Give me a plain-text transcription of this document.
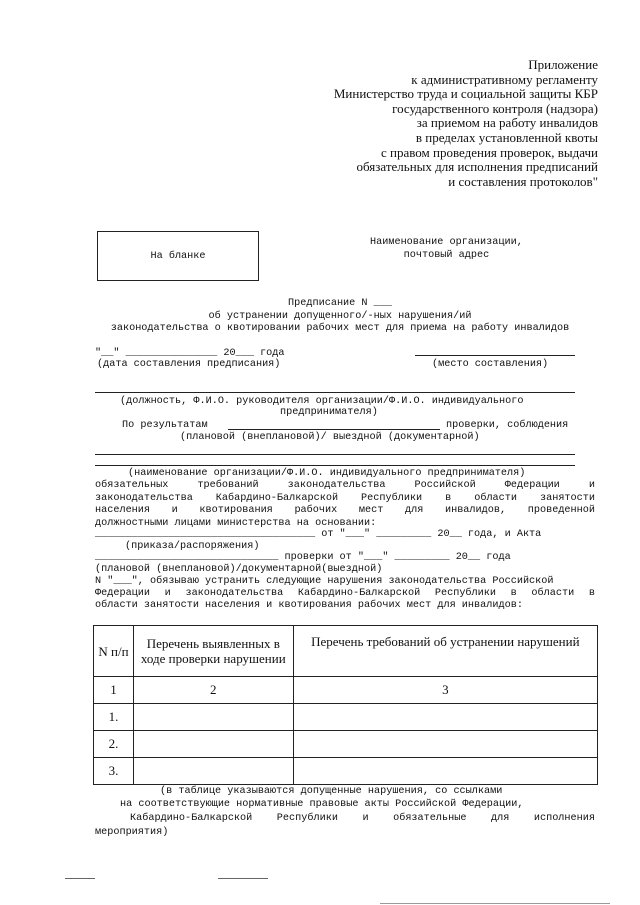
Приложение
к административному регламенту
Министерство труда и социальной защиты КБР
государственного контроля (надзора)
за приемом на работу инвалидов
в пределах установленной квоты
с правом проведения проверок, выдачи
обязательных для исполнения предписаний
и составления протоколов"
На бланке
Наименование организации,
почтовый адрес
Предписание N ___
об устранении допущенного/-ных нарушения/ий
законодательства о квотировании рабочих мест для приема на работу инвалидов
"__" _______________ 20___ года
(дата составления предписания)	(место составления)
(должность, Ф.И.О. руководителя организации/Ф.И.О. индивидуального
предпринимателя)
По результатам	проверки, соблюдения
(плановой (внеплановой)/ выездной (документарной)
(наименование организации/Ф.И.О. индивидуального предпринимателя)
обязательных требований законодательства Российской Федерации и
законодательства Кабардино-Балкарской Республики в области занятости
населения и квотирования рабочих мест для инвалидов, проведенной
должностными лицами министерства на основании:
____________________________________ от "___" _________ 20__ года, и Акта
(приказа/распоряжения)
______________________________ проверки от "___" _________ 20__ года
(плановой (внеплановой)/документарной(выездной)
N "___", обязываю устранить следующие нарушения законодательства Российской
Федерации и законодательства Кабардино-Балкарской Республики в области в
области занятости населения и квотирования рабочих мест для инвалидов:
N п/п	Перечень выявленных в ходе проверки нарушении	Перечень требований об устранении нарушений
1	2	3
1.		
2.		
3.		
(в таблице указываются допущенные нарушения, со ссылками
на соответствующие нормативные правовые акты Российской Федерации,
Кабардино-Балкарской Республики и обязательные для исполнения
мероприятия)
